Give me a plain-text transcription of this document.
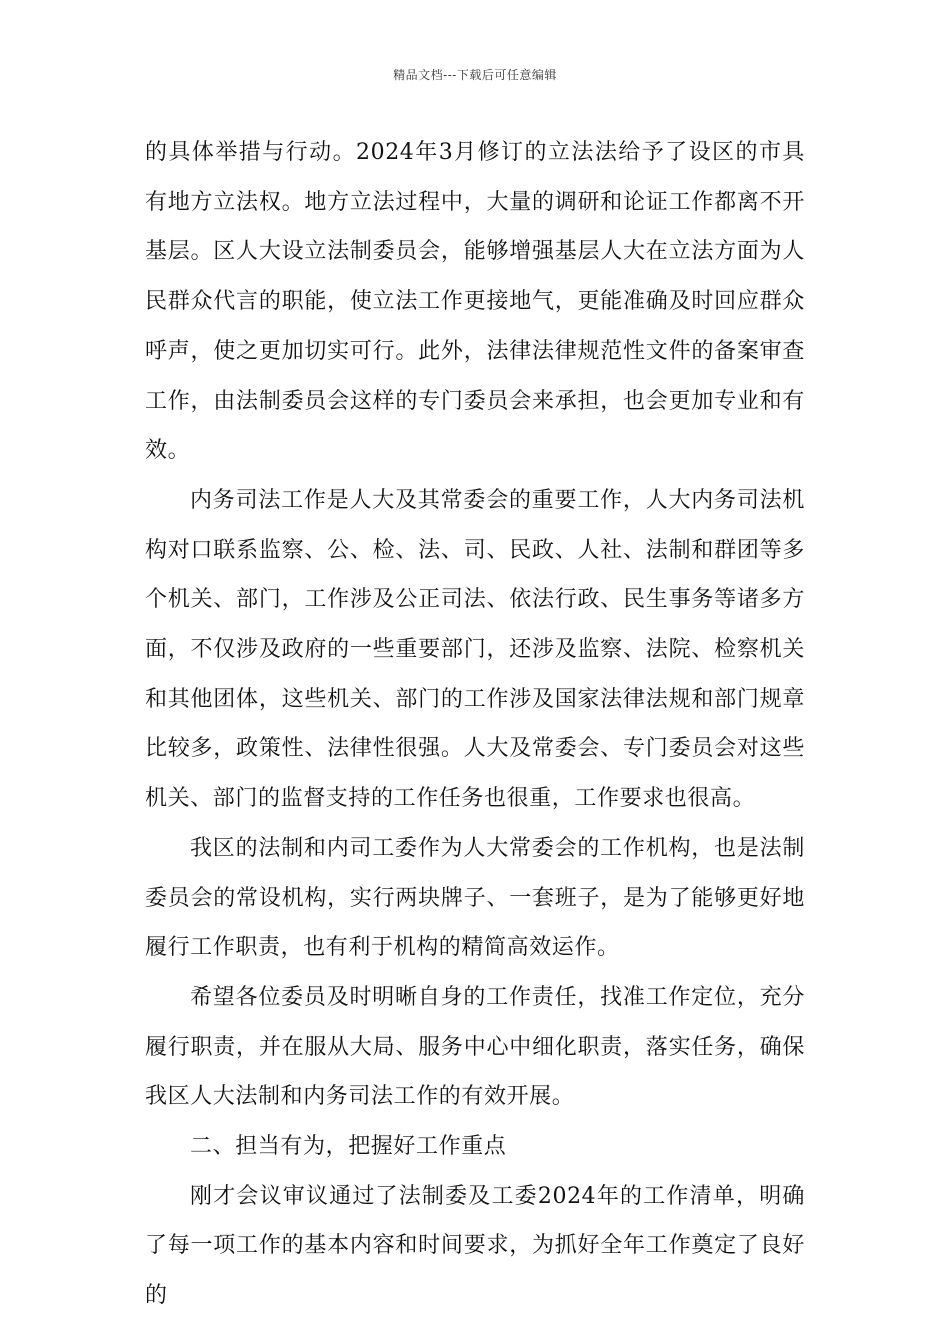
精品文档---下载后可任意编辑

的具体举措与行动。2024年3月修订的立法法给予了设区的市具有地方立法权。地方立法过程中，大量的调研和论证工作都离不开基层。区人大设立法制委员会，能够增强基层人大在立法方面为人民群众代言的职能，使立法工作更接地气，更能准确及时回应群众呼声，使之更加切实可行。此外，法律法律规范性文件的备案审查工作，由法制委员会这样的专门委员会来承担，也会更加专业和有效。

内务司法工作是人大及其常委会的重要工作，人大内务司法机构对口联系监察、公、检、法、司、民政、人社、法制和群团等多个机关、部门，工作涉及公正司法、依法行政、民生事务等诸多方面，不仅涉及政府的一些重要部门，还涉及监察、法院、检察机关和其他团体，这些机关、部门的工作涉及国家法律法规和部门规章比较多，政策性、法律性很强。人大及常委会、专门委员会对这些机关、部门的监督支持的工作任务也很重，工作要求也很高。

我区的法制和内司工委作为人大常委会的工作机构，也是法制委员会的常设机构，实行两块牌子、一套班子，是为了能够更好地履行工作职责，也有利于机构的精简高效运作。

希望各位委员及时明晰自身的工作责任，找准工作定位，充分履行职责，并在服从大局、服务中心中细化职责，落实任务，确保我区人大法制和内务司法工作的有效开展。

二、担当有为，把握好工作重点

刚才会议审议通过了法制委及工委2024年的工作清单，明确了每一项工作的基本内容和时间要求，为抓好全年工作奠定了良好的
